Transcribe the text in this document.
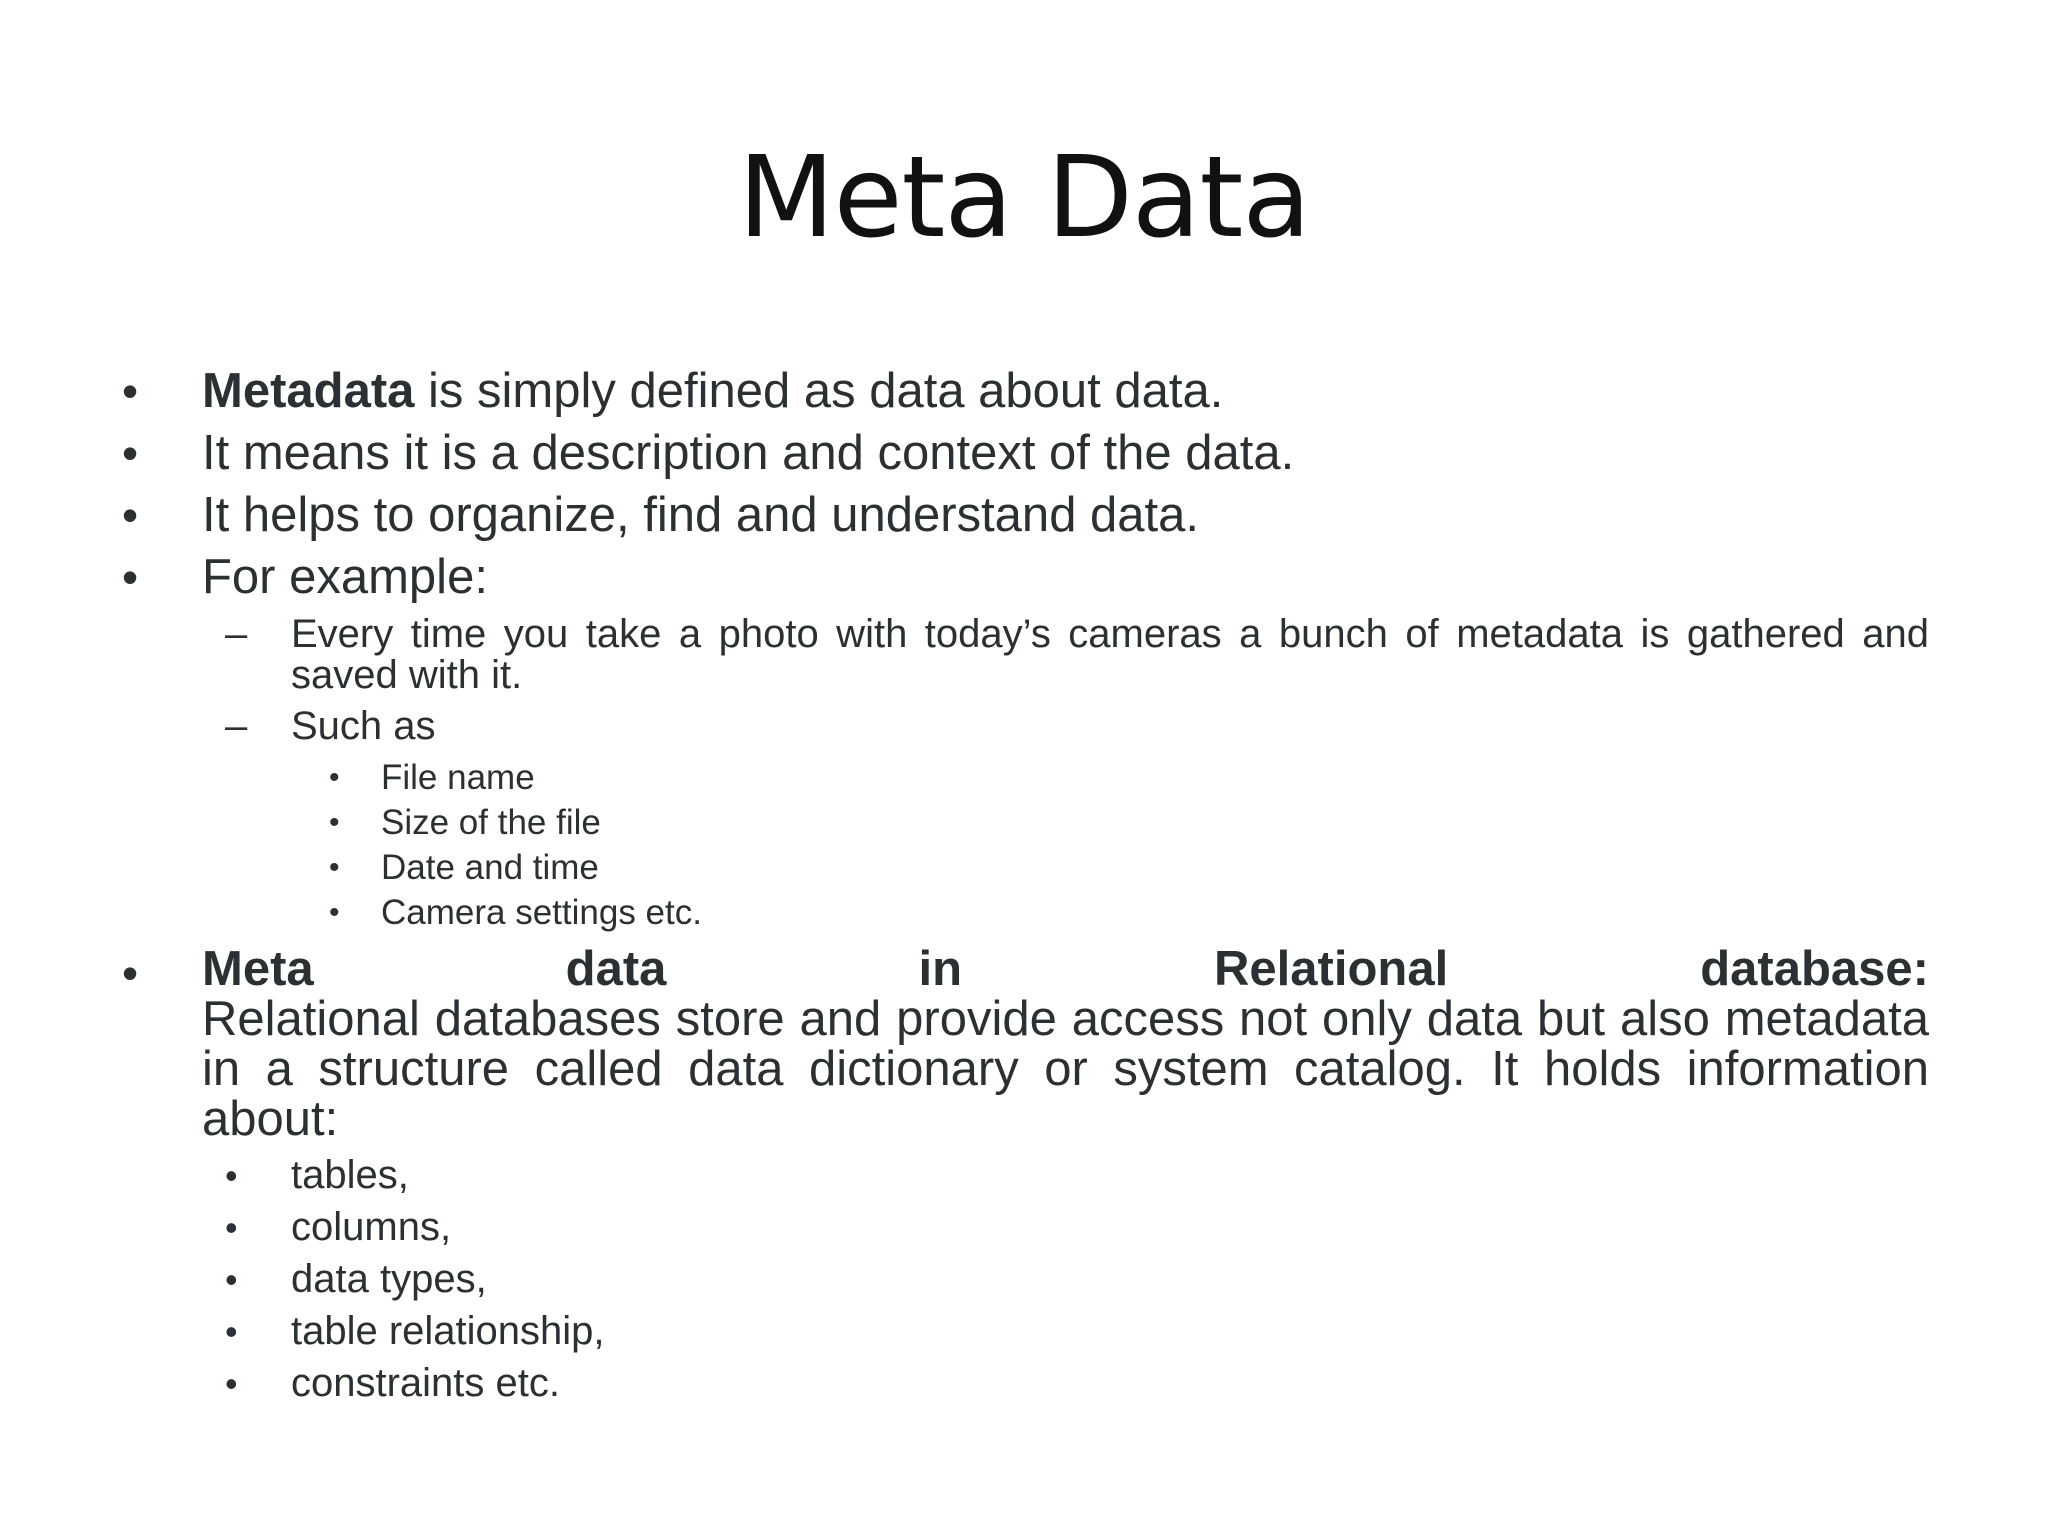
Meta Data
• Metadata is simply defined as data about data.

• It means it is a description and context of the data.

• It helps to organize, find and understand data.

• For example:

– Every time you take a photo with today’s cameras a bunch of metadata is gathered and saved with it.

– Such as

• File name

• Size of the file

• Date and time

• Camera settings etc.

• Meta data in Relational database:
Relational databases store and provide access not only data but also metadata in a structure called data dictionary or system catalog. It holds information about:
• tables,

• columns,

• data types,

• table relationship,

• constraints etc.
